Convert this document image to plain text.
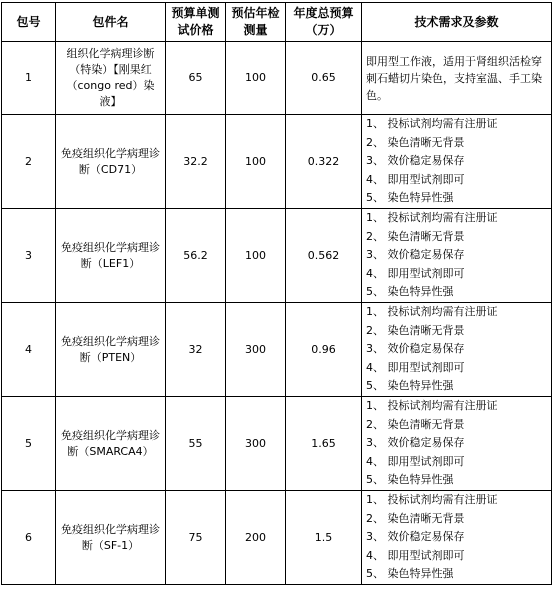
包号	包件名	预算单测试价格	预估年检测量	年度总预算（万）	技术需求及参数
1	组织化学病理诊断（特染）【刚果红（congo red）染液】	65	100	0.65	即用型工作液，适用于肾组织活检穿刺石蜡切片染色，支持室温、手工染色。

2	免疫组织化学病理诊断（CD71）	32.2	100	0.322	1、 投标试剂均需有注册证
2、 染色清晰无背景
3、 效价稳定易保存
4、 即用型试剂即可
5、 染色特异性强

3	免疫组织化学病理诊断（LEF1）	56.2	100	0.562	1、 投标试剂均需有注册证
2、 染色清晰无背景
3、 效价稳定易保存
4、 即用型试剂即可
5、 染色特异性强

4	免疫组织化学病理诊断（PTEN）	32	300	0.96	1、 投标试剂均需有注册证
2、 染色清晰无背景
3、 效价稳定易保存
4、 即用型试剂即可
5、 染色特异性强

5	免疫组织化学病理诊断（SMARCA4）	55	300	1.65	1、 投标试剂均需有注册证
2、 染色清晰无背景
3、 效价稳定易保存
4、 即用型试剂即可
5、 染色特异性强

6	免疫组织化学病理诊断（SF-1）	75	200	1.5	1、 投标试剂均需有注册证
2、 染色清晰无背景
3、 效价稳定易保存
4、 即用型试剂即可
5、 染色特异性强
